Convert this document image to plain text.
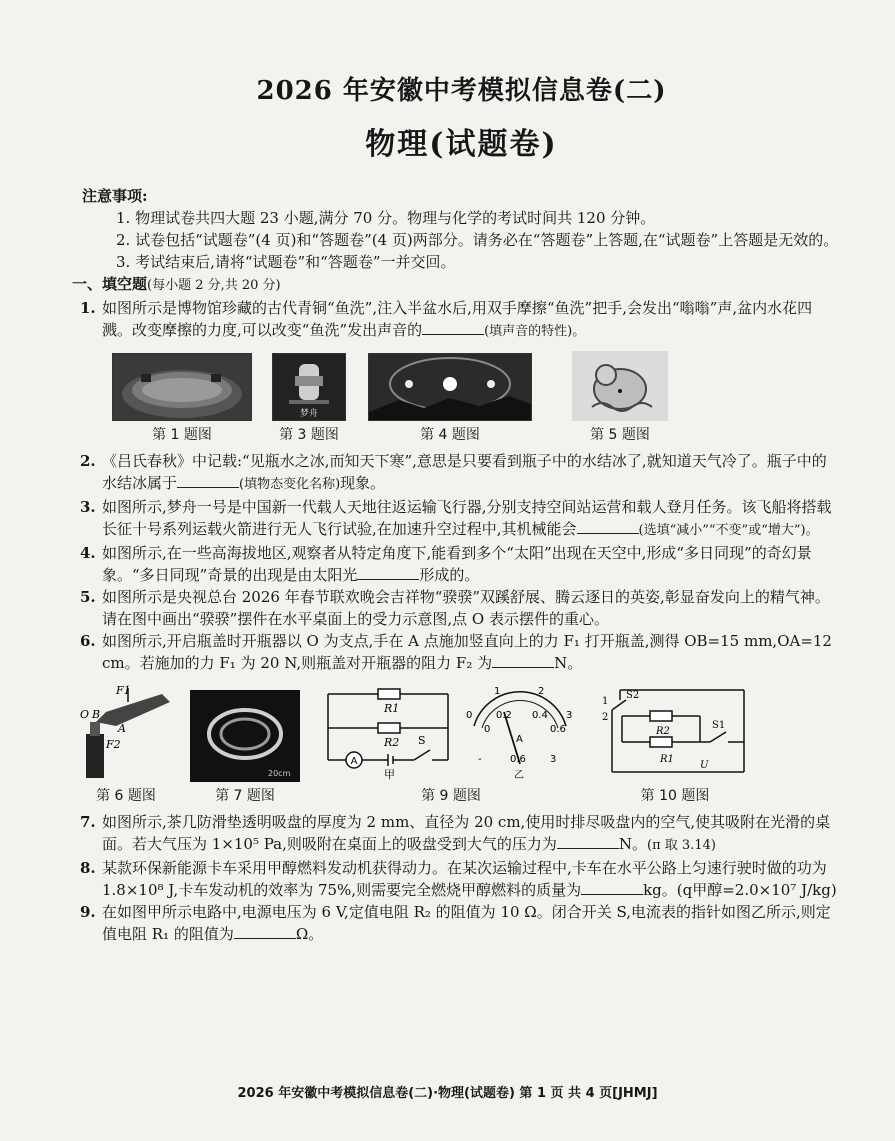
2026 年安徽中考模拟信息卷(二)
物理(试题卷)
注意事项:
1. 物理试卷共四大题 23 小题,满分 70 分。物理与化学的考试时间共 120 分钟。
2. 试卷包括“试题卷”(4 页)和“答题卷”(4 页)两部分。请务必在“答题卷”上答题,在“试题卷”上答题是无效的。
3. 考试结束后,请将“试题卷”和“答题卷”一并交回。
一、填空题(每小题 2 分,共 20 分)
1. 如图所示是博物馆珍藏的古代青铜“鱼洗”,注入半盆水后,用双手摩擦“鱼洗”把手,会发出“嗡嗡”声,盆内水花四溅。改变摩擦的力度,可以改变“鱼洗”发出声音的	(填声音的特性)。
第 1 题图
梦舟
第 3 题图	第 4 题图	第 5 题图
2. 《吕氏春秋》中记载:“见瓶水之冰,而知天下寒”,意思是只要看到瓶子中的水结冰了,就知道天气冷了。瓶子中的水结冰属于	(填物态变化名称)现象。
3. 如图所示,梦舟一号是中国新一代载人天地往返运输飞行器,分别支持空间站运营和载人登月任务。该飞船将搭载长征十号系列运载火箭进行无人飞行试验,在加速升空过程中,其机械能会	(选填“减小”“不变”或“增大”)。
4. 如图所示,在一些高海拔地区,观察者从特定角度下,能看到多个“太阳”出现在天空中,形成“多日同现”的奇幻景象。“多日同现”奇景的出现是由太阳光	形成的。
5. 如图所示是央视总台 2026 年春节联欢晚会吉祥物“骙骙”双蹊舒展、腾云逐日的英姿,彰显奋发向上的精气神。请在图中画出“骙骙”摆件在水平桌面上的受力示意图,点 O 表示摆件的重心。
6. 如图所示,开启瓶盖时开瓶器以 O 为支点,手在 A 点施加竖直向上的力 F₁ 打开瓶盖,测得 OB=15 mm,OA=12 cm。若施加的力 F₁ 为 20 N,则瓶盖对开瓶器的阻力 F₂ 为	N。
F1
O B
A
F2
第 6 题图
20cm
第 7 题图
A
R1
R2 S
甲
0
1	2
3
0
0.2 0.4
0.6
A
-	0.6 3
乙
第 9 题图
S2
R2
R1
S1
U
1
2
第 10 题图
7. 如图所示,茶几防滑垫透明吸盘的厚度为 2 mm、直径为 20 cm,使用时排尽吸盘内的空气,使其吸附在光滑的桌面。若大气压为 1×10⁵ Pa,则吸附在桌面上的吸盘受到大气的压力为	N。(π 取 3.14)
8. 某款环保新能源卡车采用甲醇燃料发动机获得动力。在某次运输过程中,卡车在水平公路上匀速行驶时做的功为 1.8×10⁸ J,卡车发动机的效率为 75%,则需要完全燃烧甲醇燃料的质量为	kg。(q甲醇=2.0×10⁷ J/kg)
9. 在如图甲所示电路中,电源电压为 6 V,定值电阻 R₂ 的阻值为 10 Ω。闭合开关 S,电流表的指针如图乙所示,则定值电阻 R₁ 的阻值为	Ω。
2026 年安徽中考模拟信息卷(二)·物理(试题卷) 第 1 页 共 4 页[JHMJ]
